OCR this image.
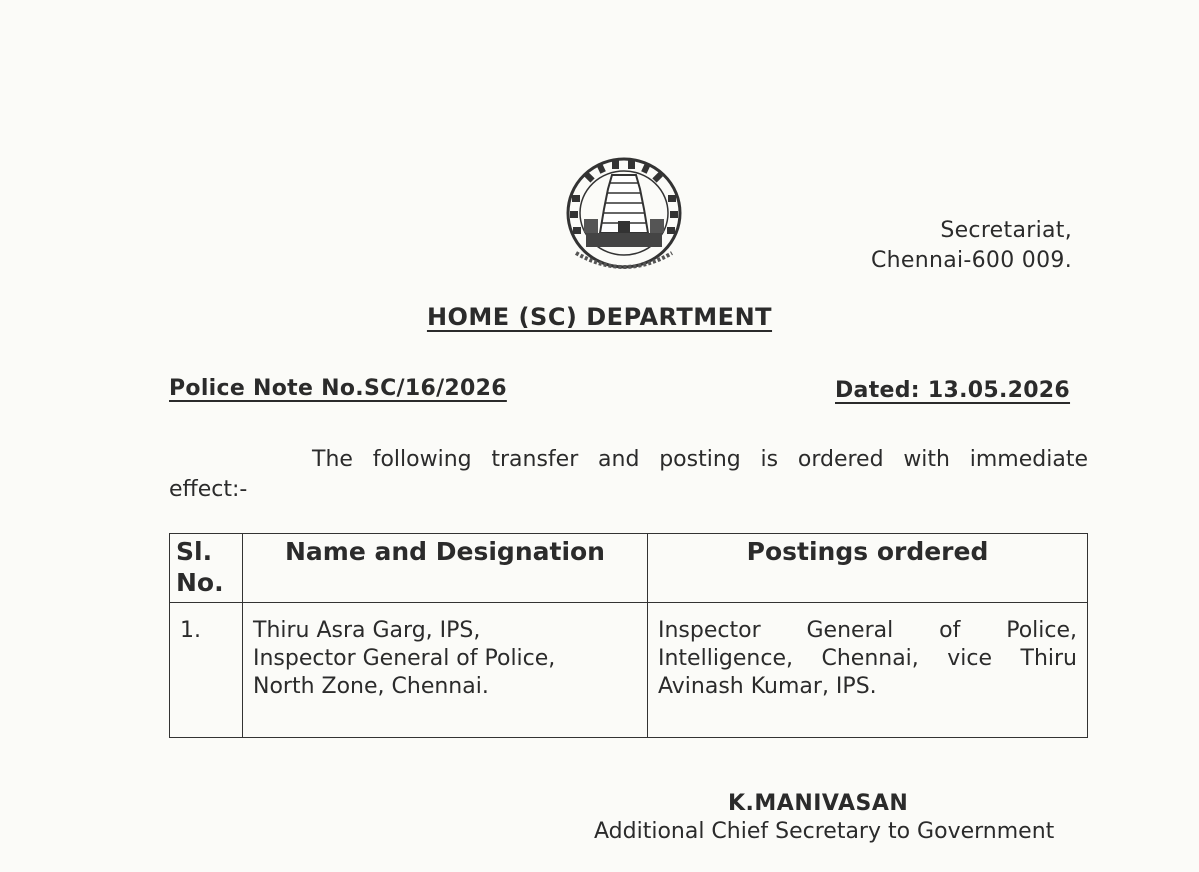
Secretariat,
Chennai-600 009.
HOME (SC) DEPARTMENT
Police Note No.SC/16/2026	Dated: 13.05.2026
The following transfer and posting is ordered with immediate
effect:-
Sl.
No.	Name and Designation	Postings ordered
1.	Thiru Asra Garg, IPS,
Inspector General of Police,
North Zone, Chennai.	Inspector General of Police, Intelligence, Chennai, vice Thiru Avinash Kumar, IPS.
K.MANIVASAN
Additional Chief Secretary to Government
